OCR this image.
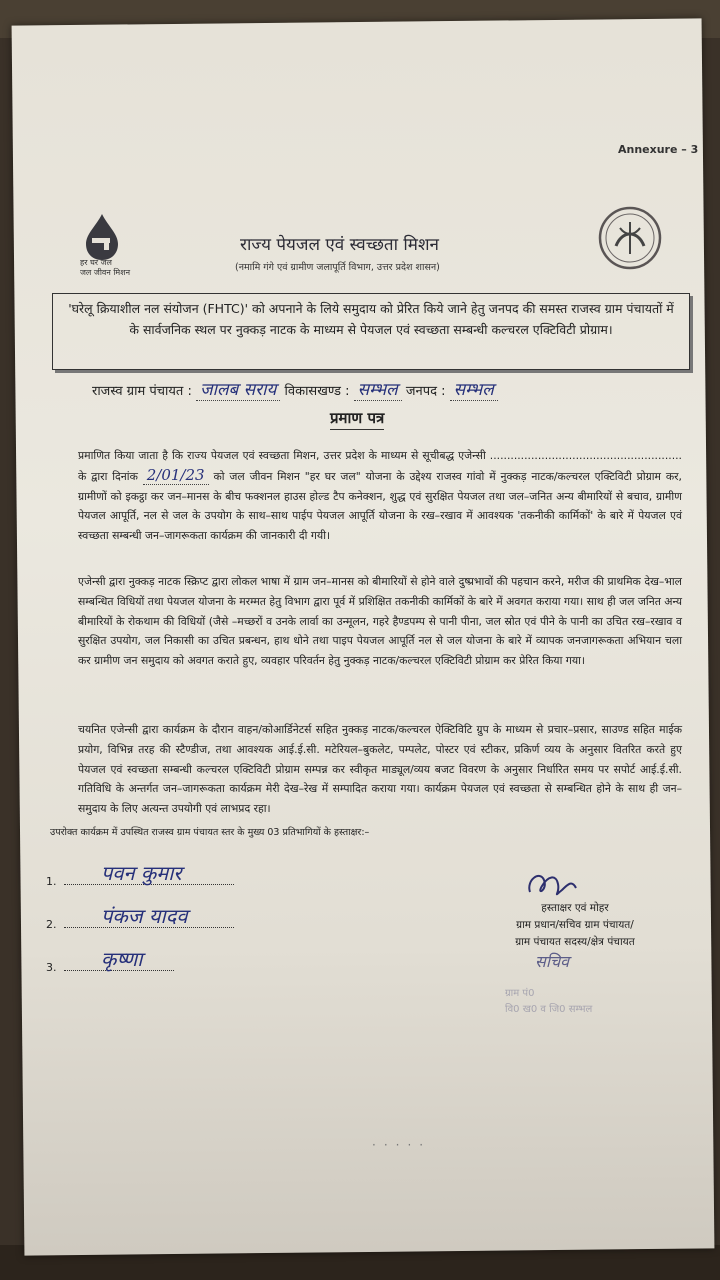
Annexure – 3
हर घर जल
जल जीवन मिशन
राज्य पेयजल एवं स्वच्छता मिशन
(नमामि गंगे एवं ग्रामीण जलापूर्ति विभाग, उत्तर प्रदेश शासन)
'घरेलू क्रियाशील नल संयोजन (FHTC)' को अपनाने के लिये समुदाय को प्रेरित किये जाने हेतु जनपद की समस्त राजस्व ग्राम पंचायतों में के सार्वजनिक स्थल पर नुक्कड़ नाटक के माध्यम से पेयजल एवं स्वच्छता सम्बन्धी कल्चरल एक्टिविटी प्रोग्राम।
राजस्व ग्राम पंचायत : जालब सराय विकासखण्ड : सम्भल जनपद : सम्भल
प्रमाण पत्र
प्रमाणित किया जाता है कि राज्य पेयजल एवं स्वच्छता मिशन, उत्तर प्रदेश के माध्यम से सूचीबद्ध एजेन्सी ........................................................ के द्वारा दिनांक 2/01/23 को जल जीवन मिशन "हर घर जल" योजना के उद्देश्य राजस्व गांवो में नुक्कड़ नाटक/कल्चरल एक्टिविटी प्रोग्राम कर, ग्रामीणों को इकट्ठा कर जन–मानस के बीच फक्शनल हाउस होल्ड टैप कनेक्शन, शुद्ध एवं सुरक्षित पेयजल तथा जल–जनित अन्य बीमारियों से बचाव, ग्रामीण पेयजल आपूर्ति, नल से जल के उपयोग के साथ–साथ पाईप पेयजल आपूर्ति योजना के रख–रखाव में आवश्यक 'तकनीकी कार्मिकों' के बारे में पेयजल एवं स्वच्छता सम्बन्धी जन–जागरूकता कार्यक्रम की जानकारी दी गयी।
एजेन्सी द्वारा नुक्कड़ नाटक स्क्रिप्ट द्वारा लोकल भाषा में ग्राम जन–मानस को बीमारियों से होने वाले दुष्प्रभावों की पहचान करने, मरीज की प्राथमिक देख–भाल सम्बन्धित विधियों तथा पेयजल योजना के मरम्मत हेतु विभाग द्वारा पूर्व में प्रशिक्षित तकनीकी कार्मिकों के बारे में अवगत कराया गया। साथ ही जल जनित अन्य बीमारियों के रोकथाम की विधियों (जैसे –मच्छरों व उनके लार्वा का उन्मूलन, गहरे हैण्डपम्प से पानी पीना, जल स्रोत एवं पीने के पानी का उचित रख–रखाव व सुरक्षित उपयोग, जल निकासी का उचित प्रबन्धन, हाथ धोने तथा पाइप पेयजल आपूर्ति नल से जल योजना के बारे में व्यापक जनजागरूकता अभियान चला कर ग्रामीण जन समुदाय को अवगत कराते हुए, व्यवहार परिवर्तन हेतु नुक्कड़ नाटक/कल्चरल एक्टिविटी प्रोग्राम कर प्रेरित किया गया।
चयनित एजेन्सी द्वारा कार्यक्रम के दौरान वाहन/कोआर्डिनेटर्स सहित नुक्कड़ नाटक/कल्चरल ऐक्टिविटि ग्रुप के माध्यम से प्रचार–प्रसार, साउण्ड सहित माईक प्रयोग, विभिन्न तरह की स्टैण्डीज, तथा आवश्यक आई.ई.सी. मटेरियल–बुकलेट, पम्पलेट, पोस्टर एवं स्टीकर, प्रकिर्ण व्यय के अनुसार वितरित करते हुए पेयजल एवं स्वच्छता सम्बन्धी कल्चरल एक्टिविटी प्रोग्राम सम्पन्न कर स्वीकृत माड्यूल/व्यय बजट विवरण के अनुसार निर्धारित समय पर सपोर्ट आई.ई.सी. गतिविधि के अन्तर्गत जन–जागरूकता कार्यक्रम मेरी देख–रेख में सम्पादित कराया गया। कार्यक्रम पेयजल एवं स्वच्छता से सम्बन्धित होने के साथ ही जन–समुदाय के लिए अत्यन्त उपयोगी एवं लाभप्रद रहा।
उपरोक्त कार्यक्रम में उपस्थित राजस्व ग्राम पंचायत स्तर के मुख्य 03 प्रतिभागियों के हस्ताक्षर:–
1. पवन कुमार
2. पंकज यादव
3. कृष्णा
हस्ताक्षर एवं मोहर
ग्राम प्रधान/सचिव ग्राम पंचायत/
ग्राम पंचायत सदस्य/क्षेत्र पंचायत
सचिव
ग्राम पं0
वि0 ख0 व जि0 सम्भल
·····
